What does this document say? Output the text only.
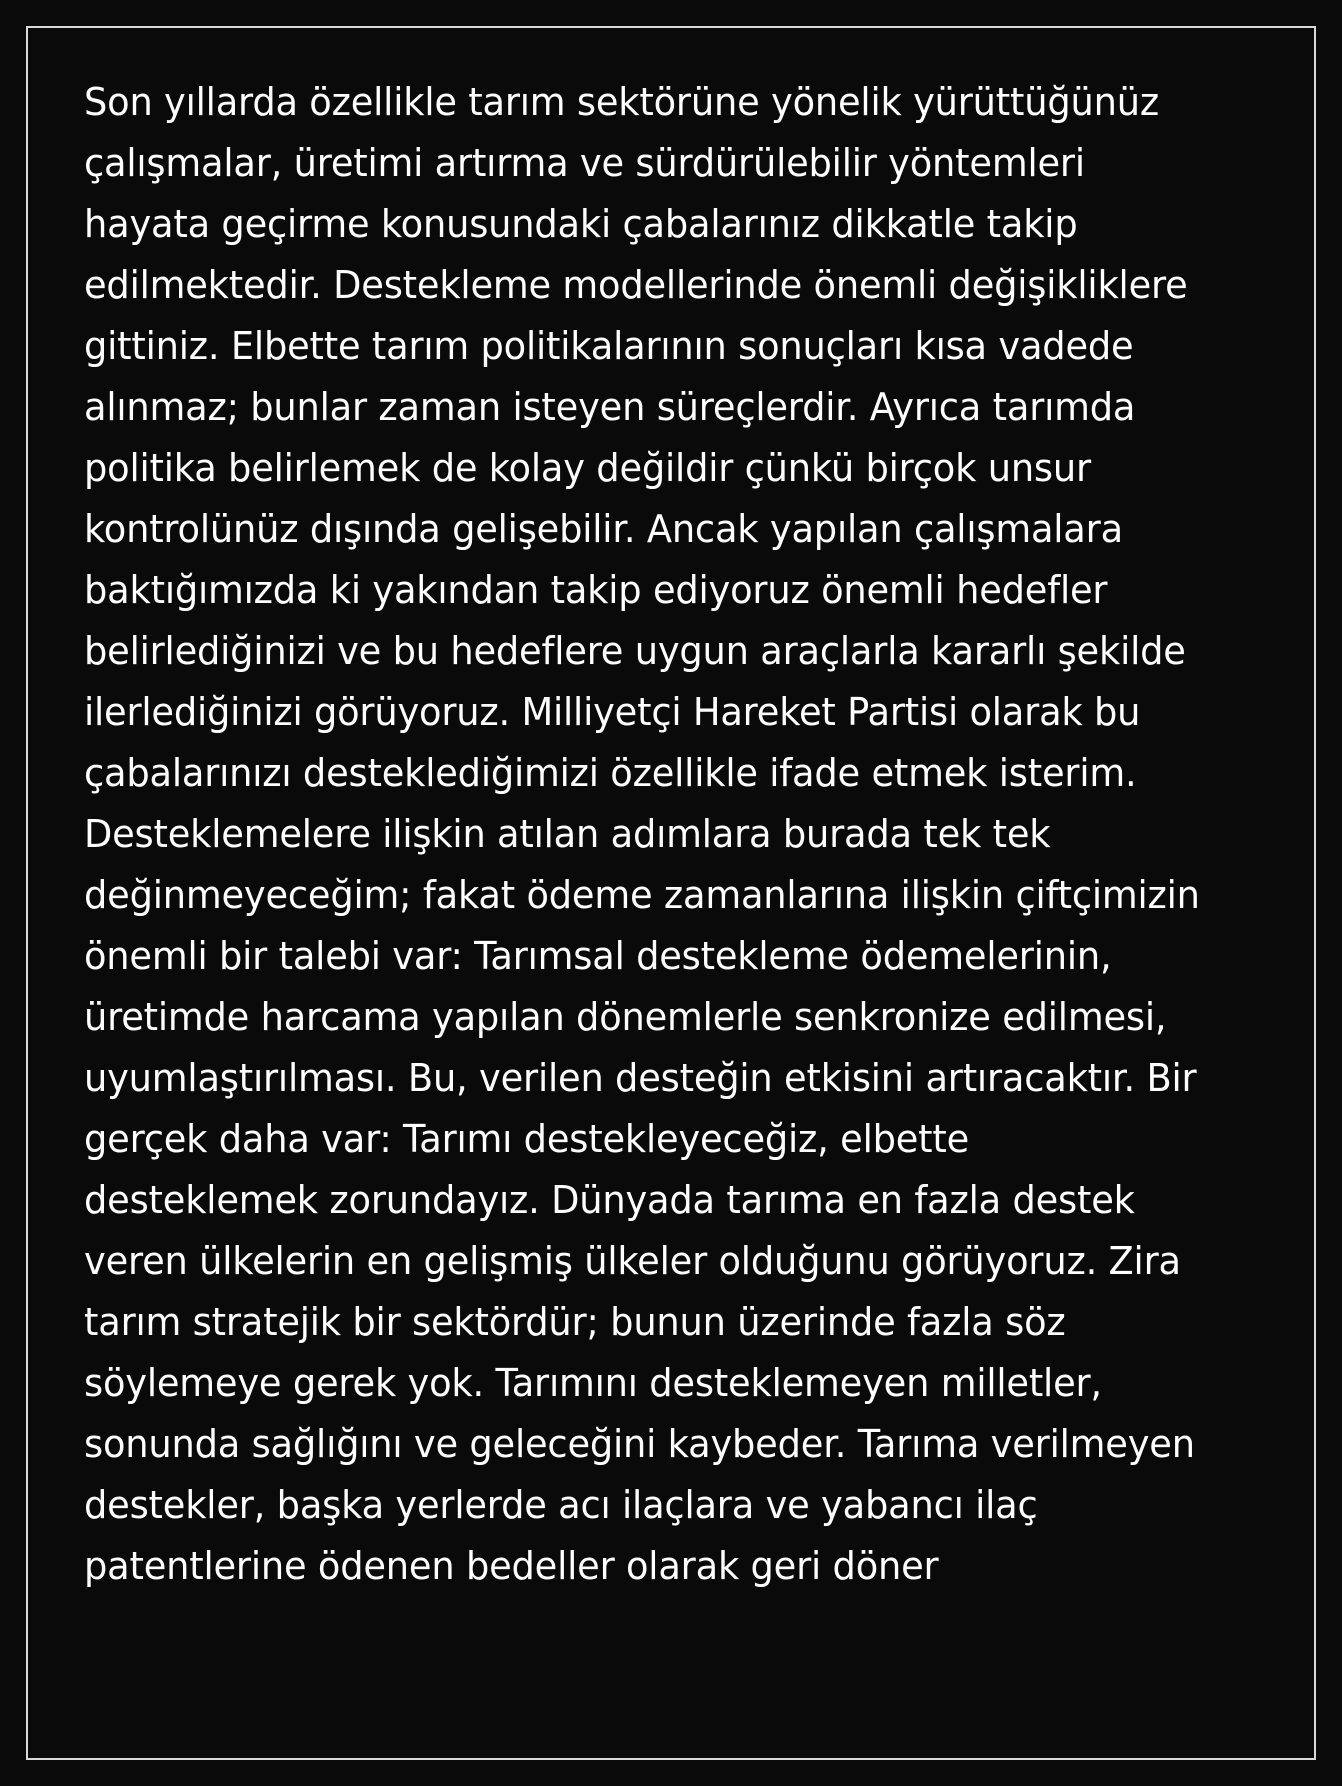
Son yıllarda özellikle tarım sektörüne yönelik yürüttüğünüz çalışmalar, üretimi artırma ve sürdürülebilir yöntemleri hayata geçirme konusundaki çabalarınız dikkatle takip edilmektedir. Destekleme modellerinde önemli değişikliklere gittiniz. Elbette tarım politikalarının sonuçları kısa vadede alınmaz; bunlar zaman isteyen süreçlerdir. Ayrıca tarımda politika belirlemek de kolay değildir çünkü birçok unsur kontrolünüz dışında gelişebilir. Ancak yapılan çalışmalara baktığımızda ki yakından takip ediyoruz önemli hedefler belirlediğinizi ve bu hedeflere uygun araçlarla kararlı şekilde ilerlediğinizi görüyoruz. Milliyetçi Hareket Partisi olarak bu çabalarınızı desteklediğimizi özellikle ifade etmek isterim. Desteklemelere ilişkin atılan adımlara burada tek tek değinmeyeceğim; fakat ödeme zamanlarına ilişkin çiftçimizin önemli bir talebi var: Tarımsal destekleme ödemelerinin, üretimde harcama yapılan dönemlerle senkronize edilmesi, uyumlaştırılması. Bu, verilen desteğin etkisini artıracaktır. Bir gerçek daha var: Tarımı destekleyeceğiz, elbette desteklemek zorundayız. Dünyada tarıma en fazla destek veren ülkelerin en gelişmiş ülkeler olduğunu görüyoruz. Zira tarım stratejik bir sektördür; bunun üzerinde fazla söz söylemeye gerek yok. Tarımını desteklemeyen milletler, sonunda sağlığını ve geleceğini kaybeder. Tarıma verilmeyen destekler, başka yerlerde acı ilaçlara ve yabancı ilaç patentlerine ödenen bedeller olarak geri döner
